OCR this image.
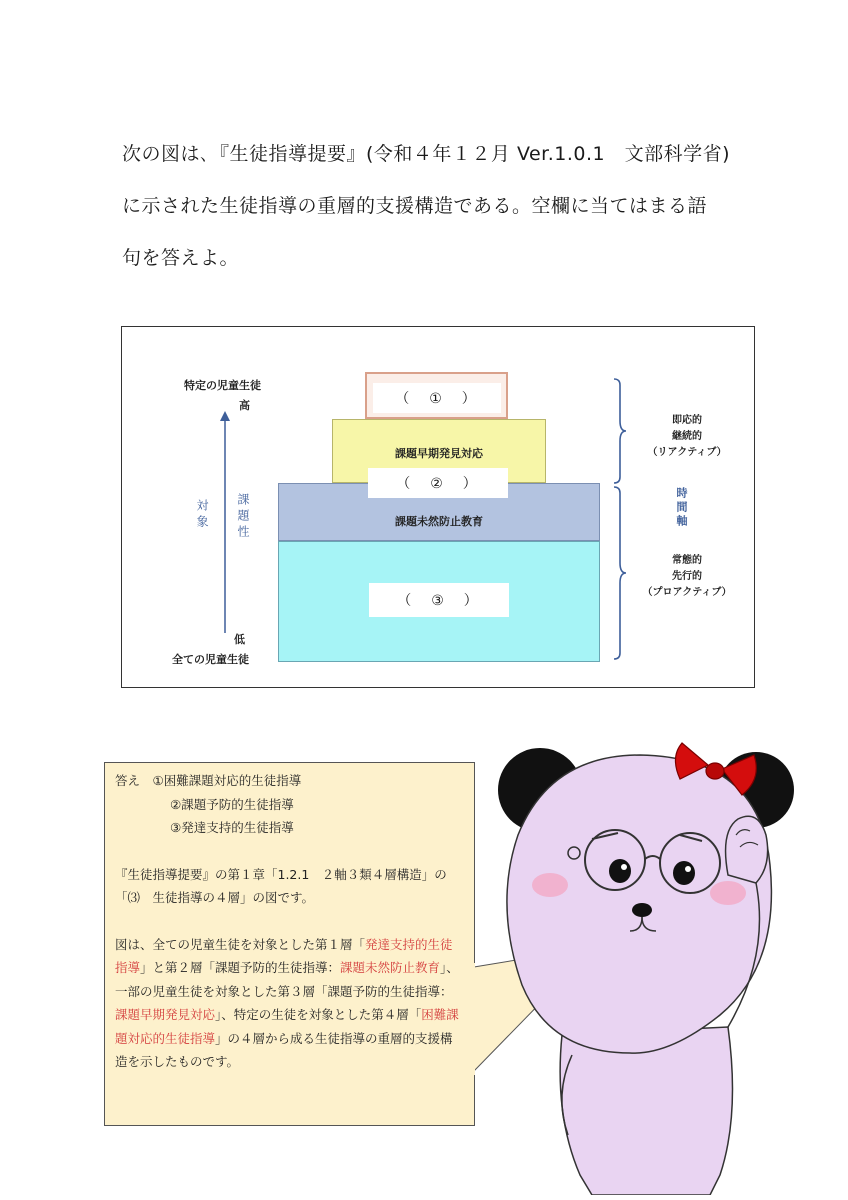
次の図は､『生徒指導提要』(令和４年１２月 Ver.1.0.1　文部科学省)
に示された生徒指導の重層的支援構造である。空欄に当てはまる語
句を答えよ。
特定の児童生徒
高
低
全ての児童生徒
対象 課題性
（　③　）
課題未然防止教育
課題早期発見対応
（　②　）
（　①　）
即応的
継続的
（リアクティブ）
時間軸
常態的
先行的
（プロアクティブ）

答え　①困難課題対応的生徒指導

②課題予防的生徒指導

③発達支持的生徒指導

『生徒指導提要』の第１章「1.2.1　２軸３類４層構造」の「⑶　生徒指導の４層」の図です。

図は、全ての児童生徒を対象とした第１層「発達支持的生徒指導」と第２層「課題予防的生徒指導：課題未然防止教育」、一部の児童生徒を対象とした第３層「課題予防的生徒指導：課題早期発見対応」、特定の生徒を対象とした第４層「困難課題対応的生徒指導」の４層から成る生徒指導の重層的支援構造を示したものです。
